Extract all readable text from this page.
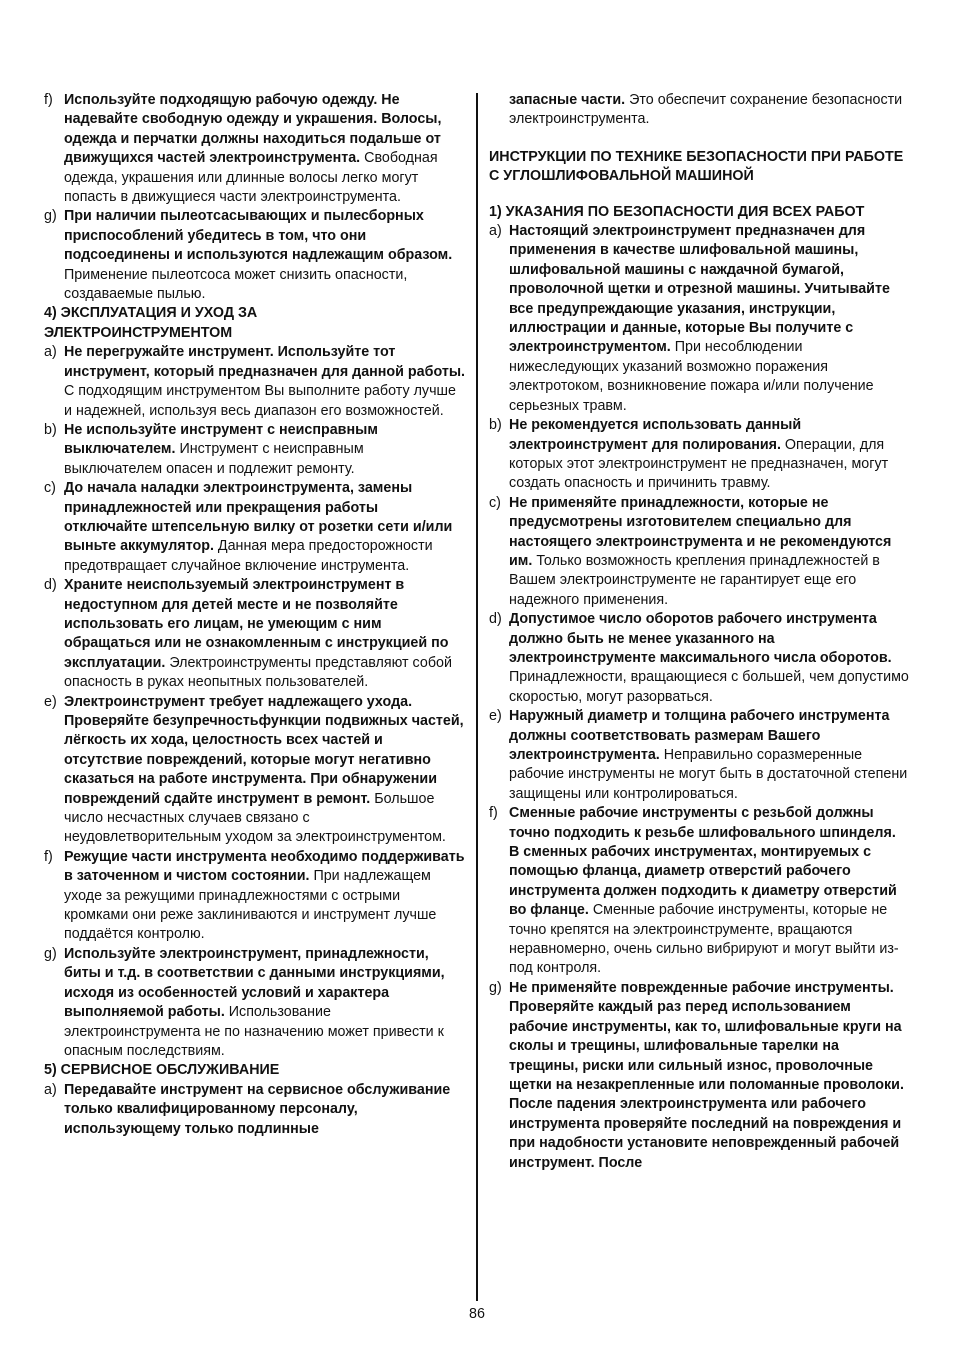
f) Используйте подходящую рабочую одежду. Не надевайте свободную одежду и украшения. Волосы, одежда и перчатки должны находиться подальше от движущихся частей электроинструмента. Свободная одежда, украшения или длинные волосы легко могут попасть в движущиеся части электроинструмента.

g) При наличии пылеотсасывающих и пылесборных приспособлений убедитесь в том, что они подсоединены и используются надлежащим образом. Применение пылеотсоса может снизить опасности, создаваемые пылью.

4) ЭКСПЛУАТАЦИЯ И УХОД ЗА ЭЛЕКТРОИНСТРУМЕНТОМ

a) Не перегружайте инструмент. Используйте тот инструмент, который предназначен для данной работы. С подходящим инструментом Вы выполните работу лучше и надежней, используя весь диапазон его возможностей.

b) Не используйте инструмент с неисправным выключателем. Инструмент с неисправным выключателем опасен и подлежит ремонту.

c) До начала наладки электроинструмента, замены принадлежностей или прекращения работы отключайте штепсельную вилку от розетки сети и/или выньте аккумулятор. Данная мера предосторожности предотвращает случайное включение инструмента.

d) Храните неиспользуемый электроинструмент в недоступном для детей месте и не позволяйте использовать его лицам, не умеющим с ним обращаться или не ознакомленным с инструкцией по эксплуатации. Электроинструменты представляют собой опасность в руках неопытных пользователей.

e) Электроинструмент требует надлежащего ухода. Проверяйте безупречностьфункции подвижных частей, лёгкость их хода, целостность всех частей и отсутствие повреждений, которые могут негативно сказаться на работе инструмента. При обнаружении повреждений сдайте инструмент в ремонт. Большое число несчастных случаев связано с неудовлетворительным уходом за электроинструментом.

f) Режущие части инструмента необходимо поддерживать в заточенном и чистом состоянии. При надлежащем уходе за режущими принадлежностями с острыми кромками они реже заклиниваются и инструмент лучше поддаётся контролю.

g) Используйте электроинструмент, принадлежности, биты и т.д. в соответствии с данными инструкциями, исходя из особенностей условий и характера выполняемой работы. Использование электроинструмента не по назначению может привести к опасным последствиям.

5) СЕРВИСНОЕ ОБСЛУЖИВАНИЕ

a) Передавайте инструмент на сервисное обслуживание только квалифицированному персоналу, использующему только подлинные

запасные части. Это обеспечит сохранение безопасности электроинструмента.

ИНСТРУКЦИИ ПО ТЕХНИКЕ БЕЗОПАСНОСТИ ПРИ РАБОТЕ С УГЛОШЛИФОВАЛЬНОЙ МАШИНОЙ

1) УКАЗАНИЯ ПО БЕЗОПАСНОСТИ ДИЯ ВСЕХ РАБОТ

a) Настоящий электроинструмент предназначен для применения в качестве шлифовальной машины, шлифовальной машины с наждачной бумагой, проволочной щетки и отрезной машины. Учитывайте все предупреждающие указания, инструкции, иллюстрации и данные, которые Вы получите с электроинструментом. При несоблюдении нижеследующих указаний возможно поражения электротоком, возникновение пожара и/или получение серьезных травм.

b) Не рекомендуется использовать данный электроинструмент для полирования. Операции, для которых этот электроинструмент не предназначен, могут создать опасность и причинить травму.

c) Не применяйте принадлежности, которые не предусмотрены изготовителем специально для настоящего электроинструмента и не рекомендуются им. Только возможность крепления принадлежностей в Вашем электроинструменте не гарантирует еще его надежного применения.

d) Допустимое число оборотов рабочего инструмента должно быть не менее указанного на электроинструменте максимального числа оборотов. Принадлежности, вращающиеся с большей, чем допустимо скоростью, могут разорваться.

e) Наружный диаметр и толщина рабочего инструмента должны соответствовать размерам Вашего электроинструмента. Неправильно соразмеренные рабочие инструменты не могут быть в достаточной степени защищены или контролироваться.

f) Сменные рабочие инструменты с резьбой должны точно подходить к резьбе шлифовального шпинделя. В сменных рабочих инструментах, монтируемых с помощью фланца, диаметр отверстий рабочего инструмента должен подходить к диаметру отверстий во фланце. Сменные рабочие инструменты, которые не точно крепятся на электроинструменте, вращаются неравномерно, очень сильно вибрируют и могут выйти из-под контроля.

g) Не применяйте поврежденные рабочие инструменты. Проверяйте каждый раз перед использованием рабочие инструменты, как то, шлифовальные круги на сколы и трещины, шлифовальные тарелки на трещины, риски или сильный износ, проволочные щетки на незакрепленные или поломанные проволоки. После падения электроинструмента или рабочего инструмента проверяйте последний на повреждения и при надобности установите неповрежденный рабочей инструмент. После

86
